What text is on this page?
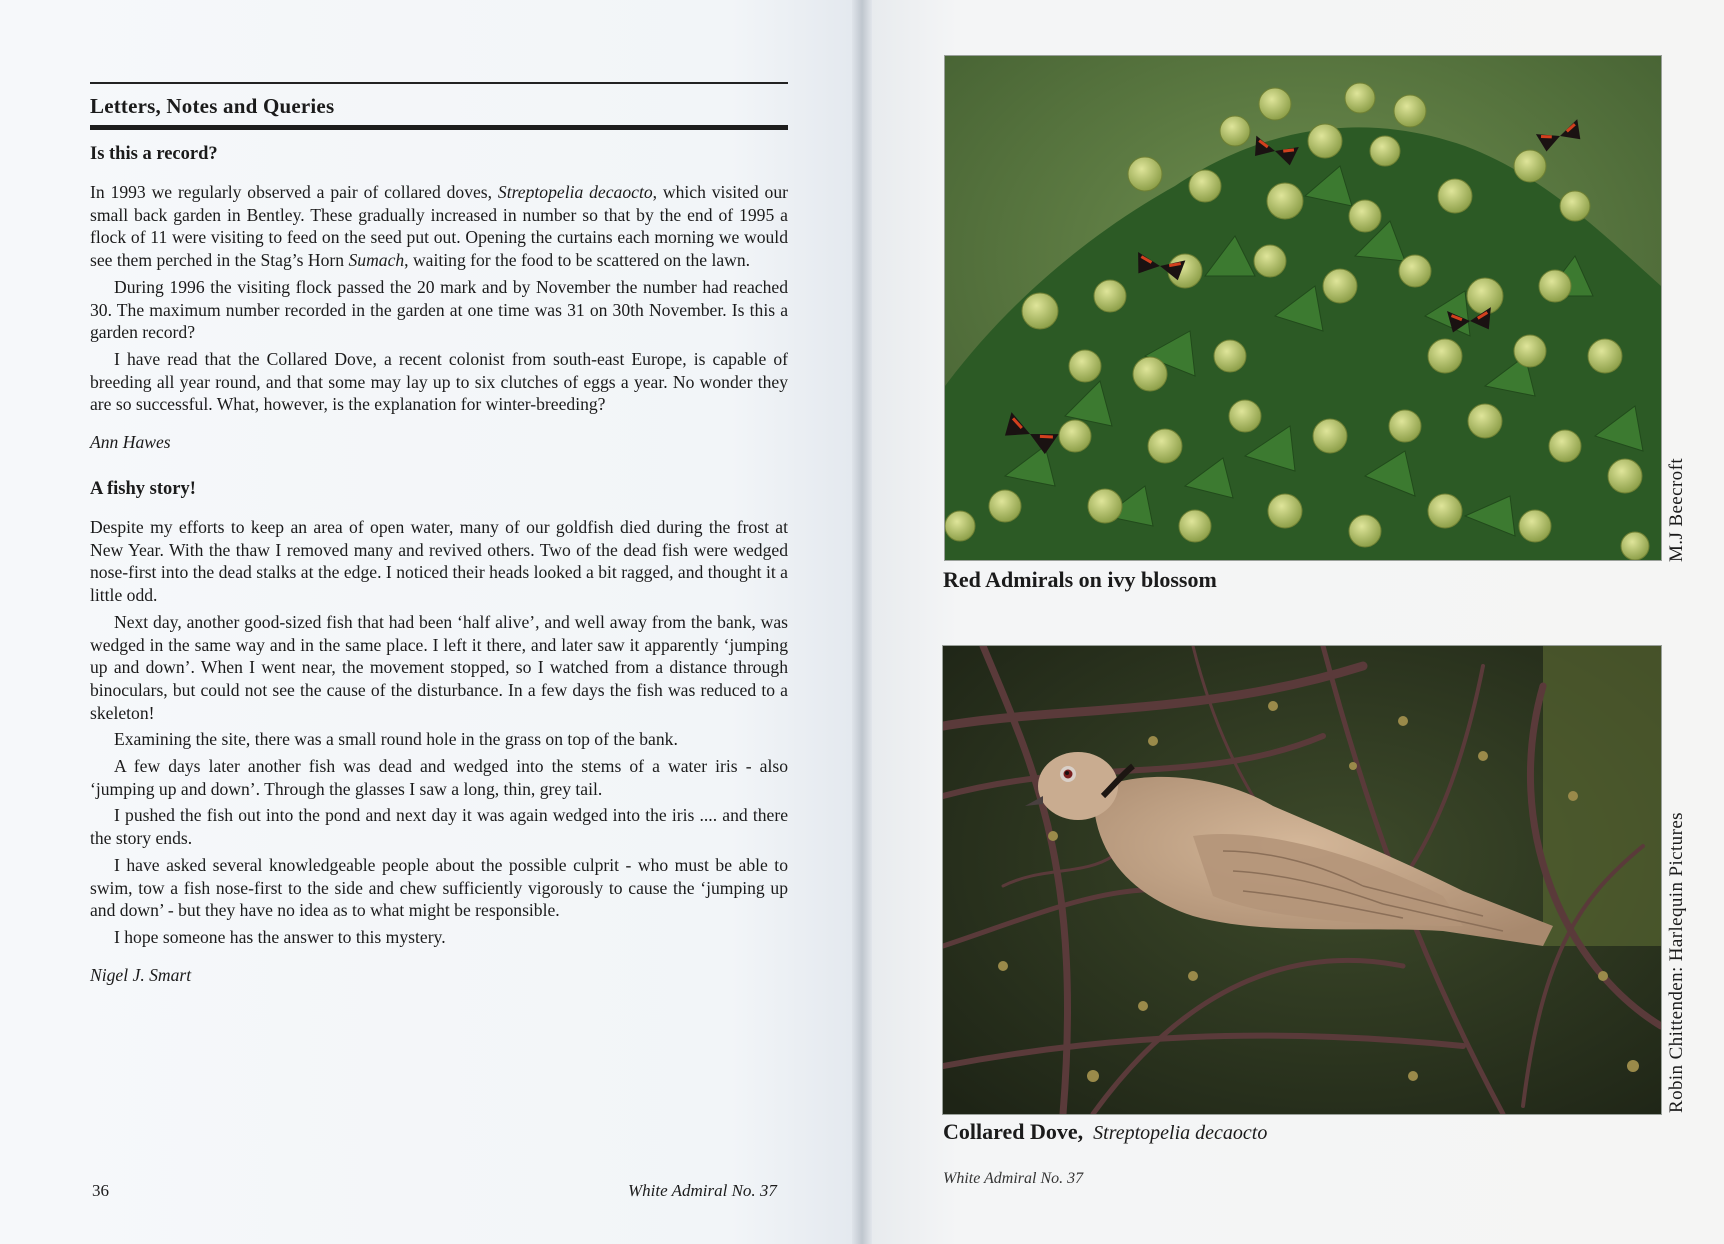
Letters, Notes and Queries
Is this a record?

In 1993 we regularly observed a pair of collared doves, Streptopelia decaocto, which visited our small back garden in Bentley. These gradually increased in number so that by the end of 1995 a flock of 11 were visiting to feed on the seed put out. Opening the curtains each morning we would see them perched in the Stag’s Horn Sumach, waiting for the food to be scattered on the lawn.

During 1996 the visiting flock passed the 20 mark and by November the number had reached 30. The maximum number recorded in the garden at one time was 31 on 30th November. Is this a garden record?

I have read that the Collared Dove, a recent colonist from south-east Europe, is capable of breeding all year round, and that some may lay up to six clutches of eggs a year. No wonder they are so successful. What, however, is the explanation for winter-breeding?

Ann Hawes
A fishy story!

Despite my efforts to keep an area of open water, many of our goldfish died during the frost at New Year. With the thaw I removed many and revived others. Two of the dead fish were wedged nose-first into the dead stalks at the edge. I noticed their heads looked a bit ragged, and thought it a little odd.

Next day, another good-sized fish that had been ‘half alive’, and well away from the bank, was wedged in the same way and in the same place. I left it there, and later saw it apparently ‘jumping up and down’. When I went near, the movement stopped, so I watched from a distance through binoculars, but could not see the cause of the disturbance. In a few days the fish was reduced to a skeleton!

Examining the site, there was a small round hole in the grass on top of the bank.

A few days later another fish was dead and wedged into the stems of a water iris - also ‘jumping up and down’. Through the glasses I saw a long, thin, grey tail.

I pushed the fish out into the pond and next day it was again wedged into the iris .... and there the story ends.

I have asked several knowledgeable people about the possible culprit - who must be able to swim, tow a fish nose-first to the side and chew sufficiently vigorously to cause the ‘jumping up and down’ - but they have no idea as to what might be responsible.

I hope someone has the answer to this mystery.

Nigel J. Smart
36	White Admiral No. 37
Red Admirals on ivy blossom
M.J Beecroft
Collared Dove, Streptopelia decaocto
Robin Chittenden: Harlequin Pictures
White Admiral No. 37
